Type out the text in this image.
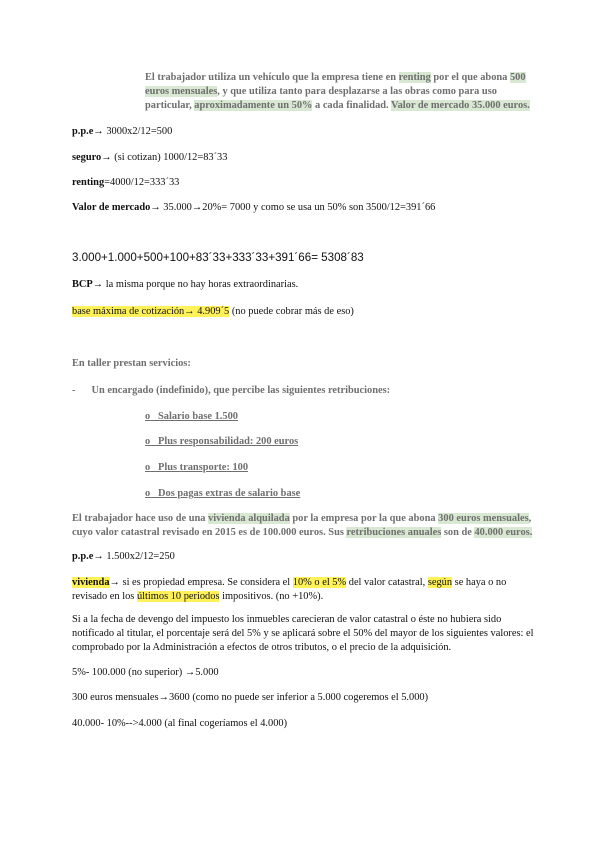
El trabajador utiliza un vehículo que la empresa tiene en renting por el que abona 500
euros mensuales, y que utiliza tanto para desplazarse a las obras como para uso
particular, aproximadamente un 50% a cada finalidad. Valor de mercado 35.000 euros.
p.p.e→ 3000x2/12=500
seguro→ (si cotizan) 1000/12=83´33
renting=4000/12=333´33
Valor de mercado→ 35.000→20%= 7000 y como se usa un 50% son 3500/12=391´66
3.000+1.000+500+100+83´33+333´33+391´66= 5308´83
BCP→ la misma porque no hay horas extraordinarias.
base máxima de cotización→ 4.909´5 (no puede cobrar más de eso)
En taller prestan servicios:
- Un encargado (indefinido), que percibe las siguientes retribuciones:
o Salario base 1.500
o Plus responsabilidad: 200 euros
o Plus transporte: 100
o Dos pagas extras de salario base
El trabajador hace uso de una vivienda alquilada por la empresa por la que abona 300 euros mensuales,
cuyo valor catastral revisado en 2015 es de 100.000 euros. Sus retribuciones anuales son de 40.000 euros.
p.p.e→ 1.500x2/12=250
vivienda→ si es propiedad empresa. Se considera el 10% o el 5% del valor catastral, según se haya o no
revisado en los últimos 10 periodos impositivos. (no +10%).
Si a la fecha de devengo del impuesto los inmuebles carecieran de valor catastral o éste no hubiera sido
notificado al titular, el porcentaje será del 5% y se aplicará sobre el 50% del mayor de los siguientes valores: el
comprobado por la Administración a efectos de otros tributos, o el precio de la adquisición.
5%- 100.000 (no superior) →5.000
300 euros mensuales→3600 (como no puede ser inferior a 5.000 cogeremos el 5.000)
40.000- 10%-->4.000 (al final cogeríamos el 4.000)
